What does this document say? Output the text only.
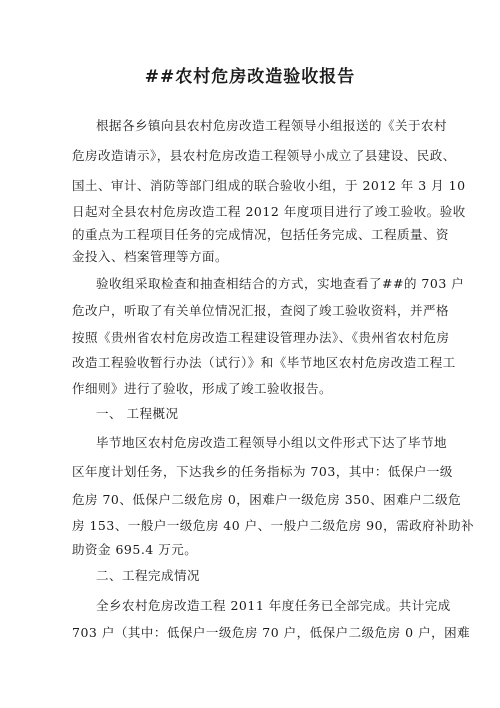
##农村危房改造验收报告
根据各乡镇向县农村危房改造工程领导小组报送的《关于农村
危房改造请示》，县农村危房改造工程领导小成立了县建设、民政、
国土、审计、消防等部门组成的联合验收小组，于 2012 年 3 月 10
日起对全县农村危房改造工程 2012 年度项目进行了竣工验收。验收
的重点为工程项目任务的完成情况，包括任务完成、工程质量、资
金投入、档案管理等方面。
验收组采取检查和抽查相结合的方式，实地查看了##的 703 户
危改户，听取了有关单位情况汇报，查阅了竣工验收资料，并严格
按照《贵州省农村危房改造工程建设管理办法》、《贵州省农村危房
改造工程验收暂行办法（试行）》和《毕节地区农村危房改造工程工
作细则》进行了验收，形成了竣工验收报告。
一、 工程概况
毕节地区农村危房改造工程领导小组以文件形式下达了毕节地
区年度计划任务，下达我乡的任务指标为 703，其中：低保户一级
危房 70、低保户二级危房 0，困难户一级危房 350、困难户二级危
房 153、一般户一级危房 40 户、一般户二级危房 90，需政府补助补
助资金 695.4 万元。
二、工程完成情况
全乡农村危房改造工程 2011 年度任务已全部完成。共计完成
703 户（其中：低保户一级危房 70 户，低保户二级危房 0 户，困难
